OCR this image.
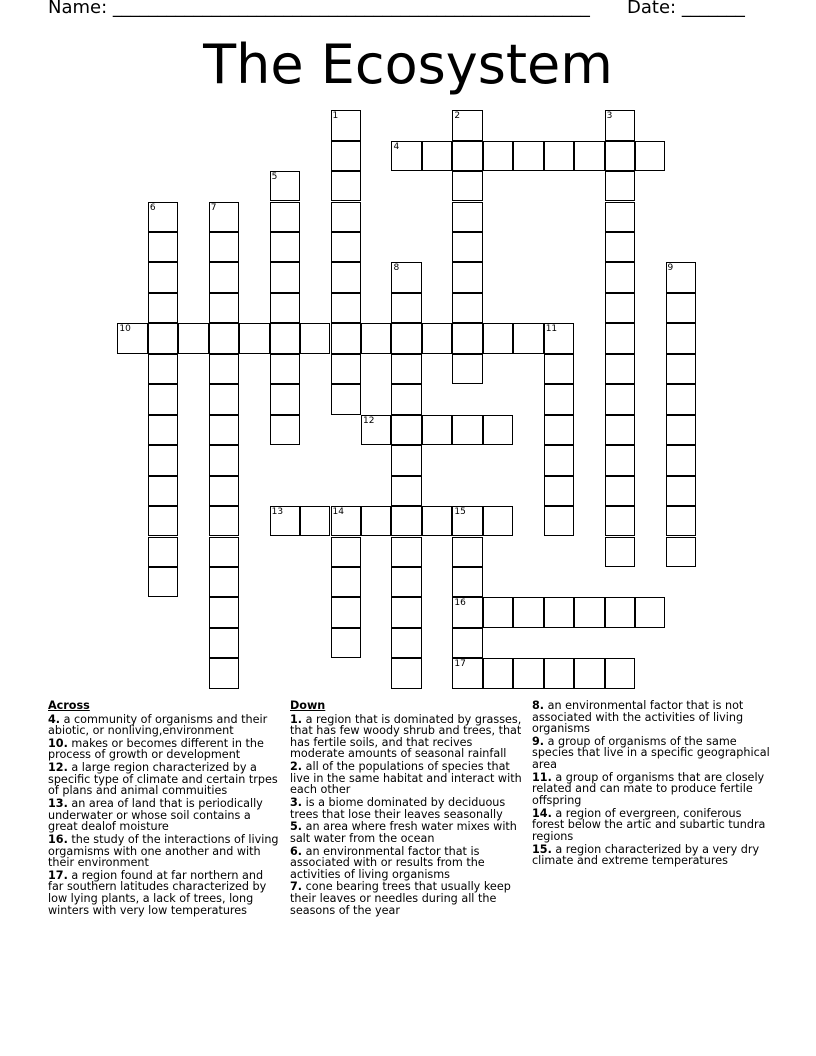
Name: _____________________________________________________ Date: _______
The Ecosystem
1	2	3
4
5
6	7
8	9
10	11
12
13	14	15
16
17
Across
4. a community of organisms and their abiotic, or nonliving,environment
10. makes or becomes different in the process of growth or development
12. a large region characterized by a specific type of climate and certain trpes of plans and animal commuities
13. an area of land that is periodically underwater or whose soil contains a great dealof moisture
16. the study of the interactions of living orgamisms with one another and with their environment
17. a region found at far northern and far southern latitudes characterized by low lying plants, a lack of trees, long winters with very low temperatures
Down
1. a region that is dominated by grasses, that has few woody shrub and trees, that has fertile soils, and that recives moderate amounts of seasonal rainfall
2. all of the populations of species that live in the same habitat and interact with each other
3. is a biome dominated by deciduous trees that lose their leaves seasonally
5. an area where fresh water mixes with salt water from the ocean
6. an environmental factor that is associated with or results from the activities of living organisms
7. cone bearing trees that usually keep their leaves or needles during all the seasons of the year
8. an environmental factor that is not associated with the activities of living organisms
9. a group of organisms of the same species that live in a specific geographical area
11. a group of organisms that are closely related and can mate to produce fertile offspring
14. a region of evergreen, coniferous forest below the artic and subartic tundra regions
15. a region characterized by a very dry climate and extreme temperatures
